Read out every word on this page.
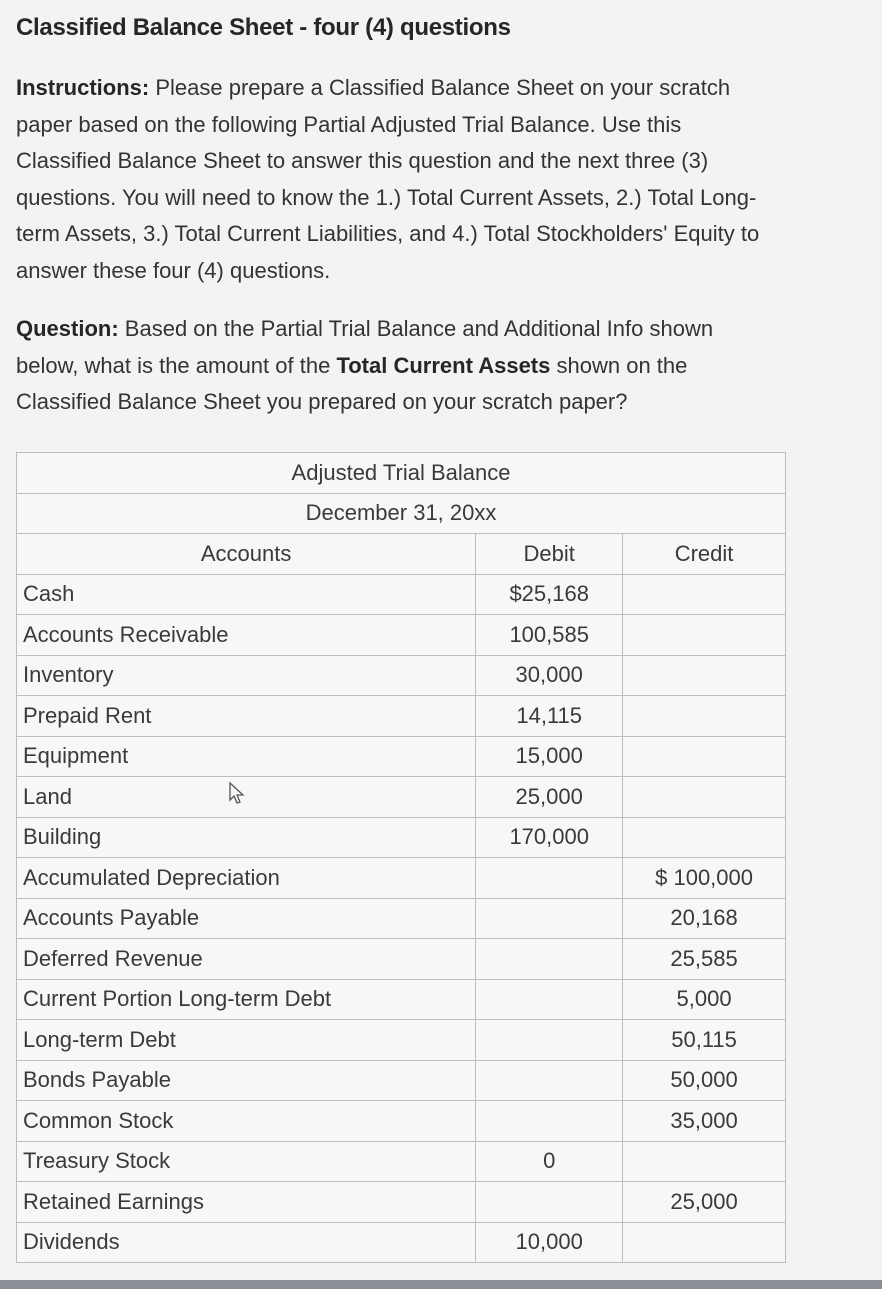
Classified Balance Sheet - four (4) questions
Instructions: Please prepare a Classified Balance Sheet on your scratch paper based on the following Partial Adjusted Trial Balance. Use this Classified Balance Sheet to answer this question and the next three (3) questions. You will need to know the 1.) Total Current Assets, 2.) Total Long-term Assets, 3.) Total Current Liabilities, and 4.) Total Stockholders' Equity to answer these four (4) questions.
Question: Based on the Partial Trial Balance and Additional Info shown below, what is the amount of the Total Current Assets shown on the Classified Balance Sheet you prepared on your scratch paper?
Adjusted Trial Balance		
December 31, 20xx		
Accounts	Debit	Credit
Cash	$25,168	
Accounts Receivable	100,585	
Inventory	30,000	
Prepaid Rent	14,115	
Equipment	15,000	
Land	25,000	
Building	170,000	
Accumulated Depreciation		$ 100,000
Accounts Payable		20,168
Deferred Revenue		25,585
Current Portion Long-term Debt		5,000
Long-term Debt		50,115
Bonds Payable		50,000
Common Stock		35,000
Treasury Stock	0	
Retained Earnings		25,000
Dividends	10,000	
